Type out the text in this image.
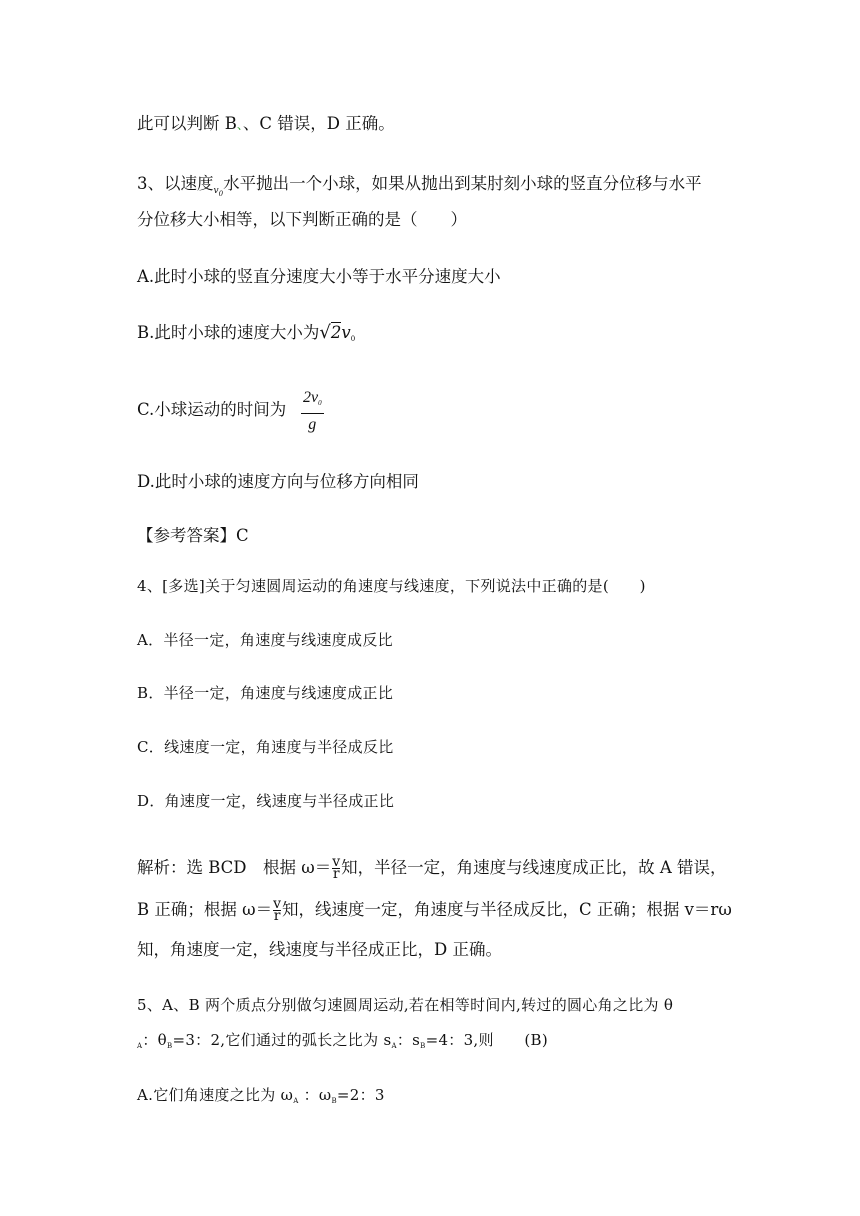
此可以判断 B、、C 错误，D 正确。
3、以速度$_{v_0}$水平抛出一个小球，如果从抛出到某肘刻小球的竖直分位移与水平
分位移大小相等，以下判断正确的是（　　）
A.此时小球的竖直分速度大小等于水平分速度大小
B.此时小球的速度大小为√2v0
C.小球运动的时间为 $\frac{2v0}{g}$
D.此时小球的速度方向与位移方向相同
【参考答案】C
4、[多选]关于匀速圆周运动的角速度与线速度，下列说法中正确的是(　　)
A．半径一定，角速度与线速度成反比
B．半径一定，角速度与线速度成正比
C．线速度一定，角速度与半径成反比
D．角速度一定，线速度与半径成正比
解析：选 BCD　根据 $\omega= \frac{v}{r}$ 知，半径一定，角速度与线速度成正比，故 A 错误，
B 正确；根据 $\omega= \frac{v}{r}$ 知，线速度一定，角速度与半径成反比，C 正确；根据 v＝rω
知，角速度一定，线速度与半径成正比，D 正确。
5、A、B 两个质点分别做匀速圆周运动,若在相等时间内,转过的圆心角之比为 θ
$_A$：$\theta_B=3$：2,它们通过的弧长之比为 $s_A$：$s_B=4$：3,则　　(B)
A.它们角速度之比为 $\omega_A$ ：$\omega_B=2$：3
